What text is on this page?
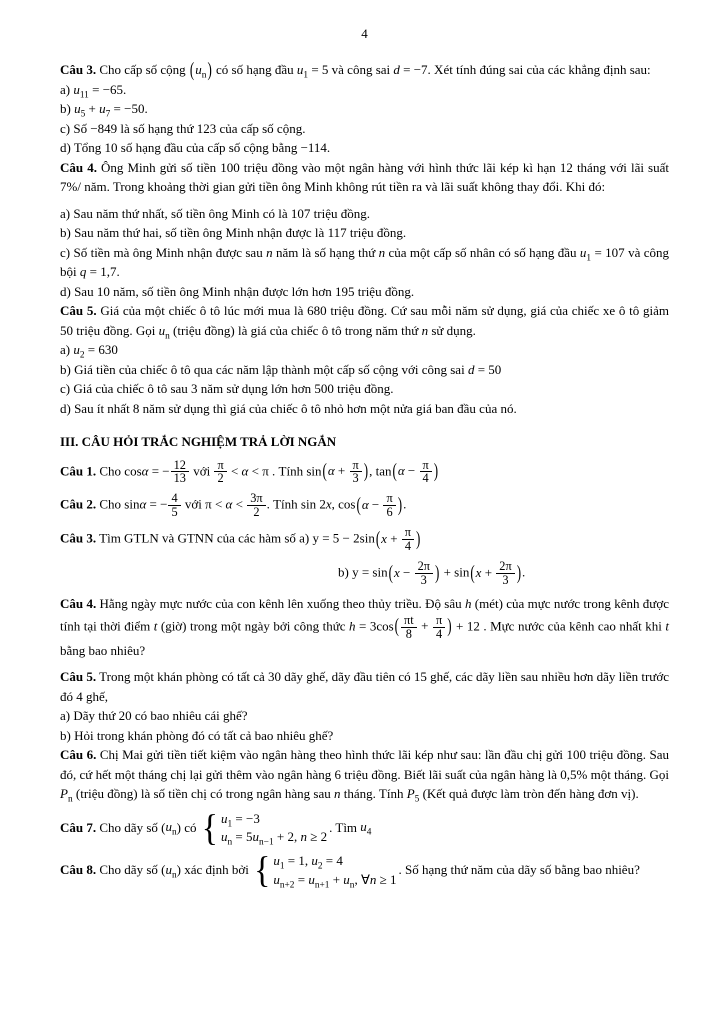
4
Câu 3. Cho cấp số cộng $(u_n)$ có số hạng đầu $u_1 = 5$ và công sai d = −7. Xét tính đúng sai của các khẳng định sau:
a) $u_{11} = -65$.
b) $u_5 + u_7 = -50$.
c) Số −849 là số hạng thứ 123 của cấp số cộng.
d) Tổng 10 số hạng đầu của cấp số cộng bằng −114.
Câu 4. Ông Minh gửi số tiền 100 triệu đồng vào một ngân hàng với hình thức lãi kép kì hạn 12 tháng với lãi suất 7%/ năm. Trong khoảng thời gian gửi tiền ông Minh không rút tiền ra và lãi suất không thay đổi. Khi đó:
a) Sau năm thứ nhất, số tiền ông Minh có là 107 triệu đồng.
b) Sau năm thứ hai, số tiền ông Minh nhận được là 117 triệu đồng.
c) Số tiền mà ông Minh nhận được sau n năm là số hạng thứ n của một cấp số nhân có số hạng đầu $u_1 = 107$ và công bội q = 1,7.
d) Sau 10 năm, số tiền ông Minh nhận được lớn hơn 195 triệu đồng.
Câu 5. Giá của một chiếc ô tô lúc mới mua là 680 triệu đồng. Cứ sau mỗi năm sử dụng, giá của chiếc xe ô tô giảm 50 triệu đồng. Gọi $u_n$ (triệu đồng) là giá của chiếc ô tô trong năm thứ n sử dụng.
a) $u_2 = 630$
b) Giá tiền của chiếc ô tô qua các năm lập thành một cấp số cộng với công sai d = 50
c) Giá của chiếc ô tô sau 3 năm sử dụng lớn hơn 500 triệu đồng.
d) Sau ít nhất 8 năm sử dụng thì giá của chiếc ô tô nhỏ hơn một nửa giá ban đầu của nó.
III. CÂU HỎI TRẮC NGHIỆM TRẢ LỜI NGẮN
Câu 1. Cho cosα = − $\frac{12}{13}$ với $\frac{\pi}{2} < \alpha < \pi$ . Tính $\sin(\alpha + \frac{\pi}{3}$ ), $\tan(\alpha - \frac{\pi}{4}$ )
Câu 2. Cho sinα = − $\frac{4}{5}$ với $\pi < \alpha < \frac{3\pi}{2}$ . Tính sin 2x, $\cos(\alpha - \frac{\pi}{6}$ ).
Câu 3. Tìm GTLN và GTNN của các hàm số a) $y = 5 - 2\sin(x + \frac{\pi}{4}$ )
b) $y = \sin(x - \frac{2\pi}{3}$ ) + $\sin(x + \frac{2\pi}{3}$ ).
Câu 4. Hằng ngày mực nước của con kênh lên xuống theo thủy triều. Độ sâu h (mét) của mực nước trong kênh được tính tại thời điểm t (giờ) trong một ngày bởi công thức $h = 3\cos( \frac{\pi t}{8} + \frac{\pi}{4}$ ) + 12 . Mực nước của kênh cao nhất khi t bằng bao nhiêu?
Câu 5. Trong một khán phòng có tất cả 30 dãy ghế, dãy đầu tiên có 15 ghế, các dãy liền sau nhiều hơn dãy liền trước đó 4 ghế,
a) Dãy thứ 20 có bao nhiêu cái ghế?
b) Hỏi trong khán phòng đó có tất cả bao nhiêu ghế?
Câu 6. Chị Mai gửi tiền tiết kiệm vào ngân hàng theo hình thức lãi kép như sau: lần đầu chị gửi 100 triệu đồng. Sau đó, cứ hết một tháng chị lại gửi thêm vào ngân hàng 6 triệu đồng. Biết lãi suất của ngân hàng là 0,5% một tháng. Gọi $P_n$ (triệu đồng) là số tiền chị có trong ngân hàng sau n tháng. Tính $P_5$ (Kết quả được làm tròn đến hàng đơn vị).
Câu 7. Cho dãy số $(u_n)$ có { $u_1 = -3$
$u_n = 5u_{n-1} + 2$, n ≥ 2
. Tìm $u_4$
Câu 8. Cho dãy số $(u_n)$ xác định bởi { $u_1 = 1$, $u_2 = 4$
$u_{n+2} = u_{n+1} + u_n$, ∀n ≥ 1
. Số hạng thứ năm của dãy số bằng bao nhiêu?
